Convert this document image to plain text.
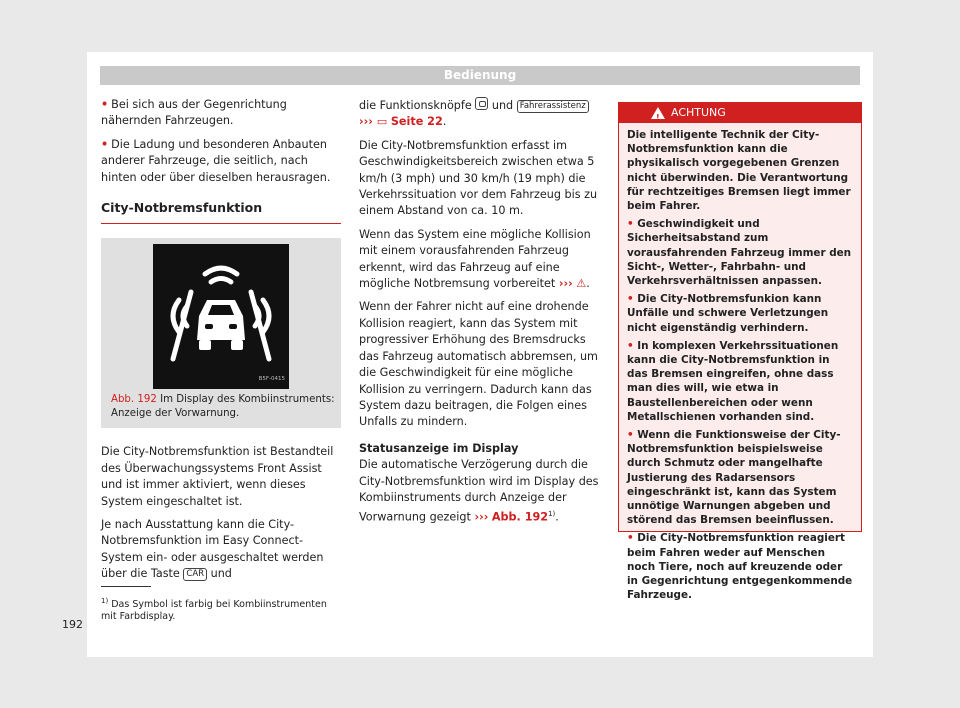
Bedienung

• Bei sich aus der Gegenrichtung nähernden Fahrzeugen.

• Die Ladung und besonderen Anbauten anderer Fahrzeuge, die seitlich, nach hinten oder über dieselben herausragen.

City-Notbremsfunktion
B5F-0415
Abb. 192 Im Display des Kombiinstruments: Anzeige der Vorwarnung.

Die City-Notbremsfunktion ist Bestandteil des Überwachungssystems Front Assist und ist immer aktiviert, wenn dieses System eingeschaltet ist.

Je nach Ausstattung kann die City-Notbremsfunktion im Easy Connect-System ein- oder ausgeschaltet werden über die Taste CAR und

die Funktionsknöpfe und Fahrerassistenz
››› ▭ Seite 22.

Die City-Notbremsfunktion erfasst im Geschwindigkeitsbereich zwischen etwa 5 km/h (3 mph) und 30 km/h (19 mph) die Verkehrssituation vor dem Fahrzeug bis zu einem Abstand von ca. 10 m.

Wenn das System eine mögliche Kollision mit einem vorausfahrenden Fahrzeug erkennt, wird das Fahrzeug auf eine mögliche Notbremsung vorbereitet ››› ⚠.

Wenn der Fahrer nicht auf eine drohende Kollision reagiert, kann das System mit progressiver Erhöhung des Bremsdrucks das Fahrzeug automatisch abbremsen, um die Geschwindigkeit für eine mögliche Kollision zu verringern. Dadurch kann das System dazu beitragen, die Folgen eines Unfalls zu mindern.

Statusanzeige im Display

Die automatische Verzögerung durch die City-Notbremsfunktion wird im Display des Kombiinstruments durch Anzeige der Vorwarnung gezeigt ››› Abb. 192$^{1)}$.

!
ACHTUNG

Die intelligente Technik der City-Notbremsfunktion kann die physikalisch vorgegebenen Grenzen nicht überwinden. Die Verantwortung für rechtzeitiges Bremsen liegt immer beim Fahrer.

• Geschwindigkeit und Sicherheitsabstand zum vorausfahrenden Fahrzeug immer den Sicht-, Wetter-, Fahrbahn- und Verkehrsverhältnissen anpassen.

• Die City-Notbremsfunkion kann Unfälle und schwere Verletzungen nicht eigenständig verhindern.

• In komplexen Verkehrssituationen kann die City-Notbremsfunktion in das Bremsen eingreifen, ohne dass man dies will, wie etwa in Baustellenbereichen oder wenn Metallschienen vorhanden sind.

• Wenn die Funktionsweise der City-Notbremsfunktion beispielsweise durch Schmutz oder mangelhafte Justierung des Radarsensors eingeschränkt ist, kann das System unnötige Warnungen abgeben und störend das Bremsen beeinflussen.

• Die City-Notbremsfunktion reagiert beim Fahren weder auf Menschen noch Tiere, noch auf kreuzende oder in Gegenrichtung entgegenkommende Fahrzeuge.

$^{1)}$ Das Symbol ist farbig bei Kombiinstrumenten mit Farbdisplay.
192
